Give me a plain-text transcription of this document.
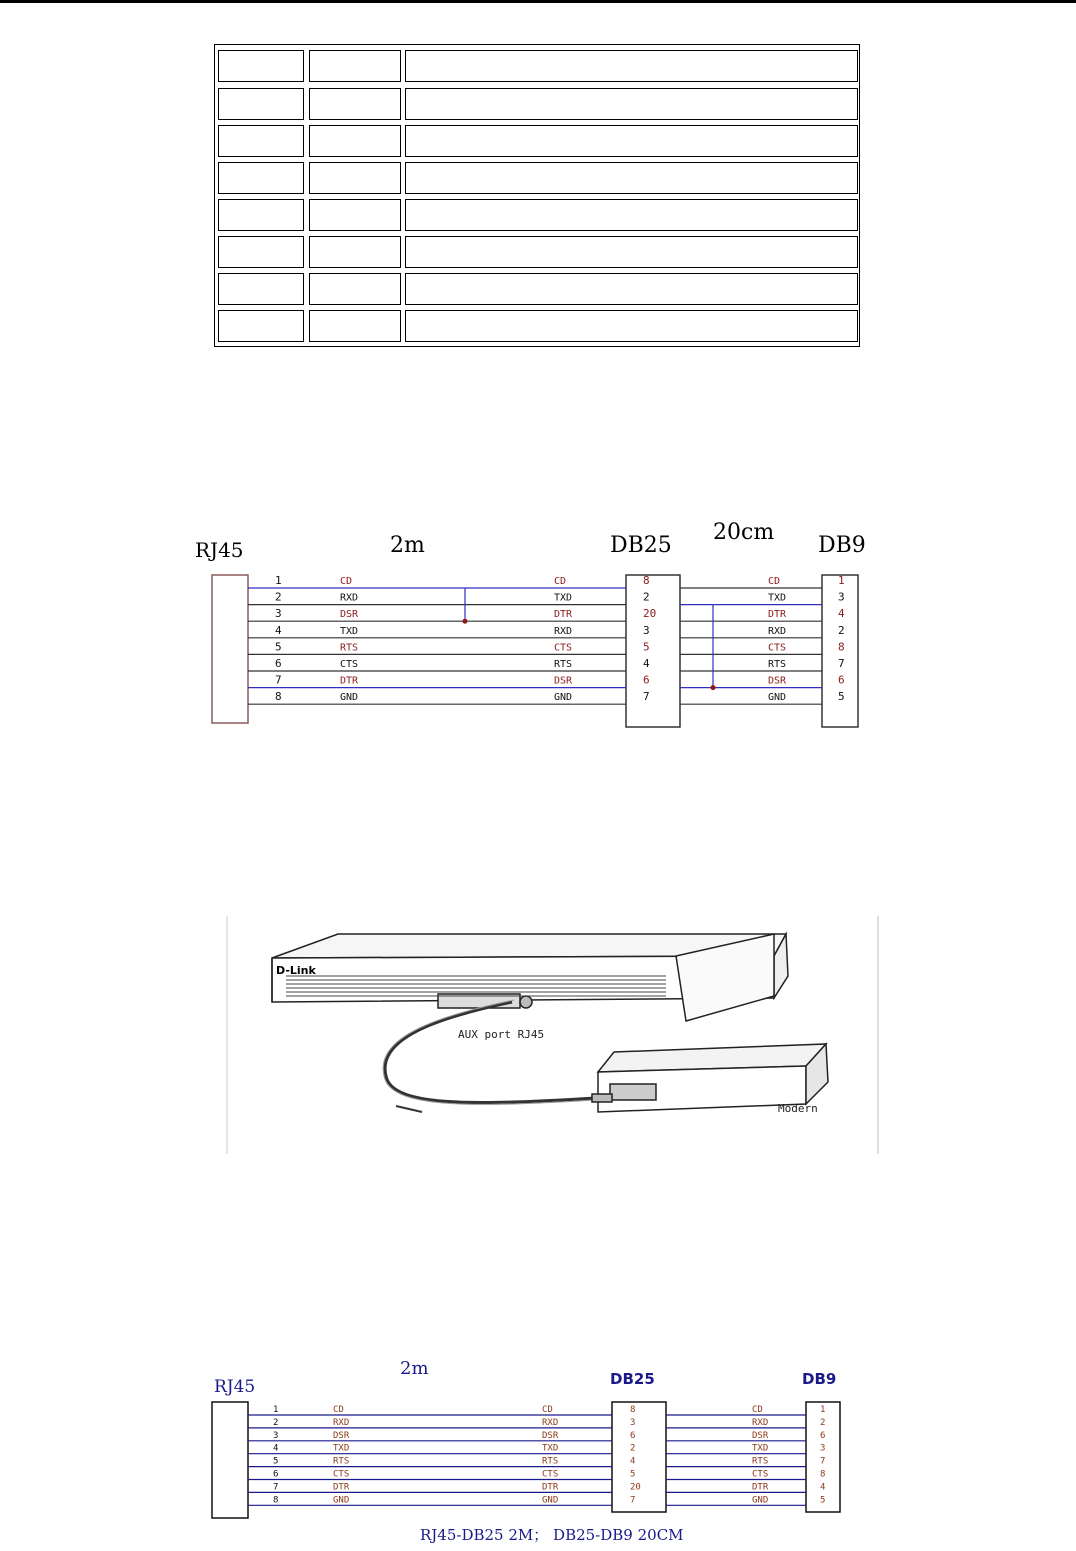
RJ45	2m	DB25
20cm
DB9
1	CD	CD	8	CD	1
2	RXD	TXD	2	TXD	3
3	DSR	DTR	20	DTR	4
4	TXD	RXD	3	RXD	2
5	RTS	CTS	5	CTS	8
6	CTS	RTS	4	RTS	7
7	DTR	DSR	6	DSR	6
8	GND	GND	7	GND	5
D-Link
AUX port RJ45
Modern
RJ45
2m	DB25	DB9
1	CD	CD	8	CD	1
2	RXD	RXD	3	RXD	2
3	DSR	DSR	6	DSR	6
4	TXD	TXD	2	TXD	3
5	RTS	RTS	4	RTS	7
6	CTS	CTS	5	CTS	8
7	DTR	DTR	20	DTR	4
8	GND	GND	7	GND	5
RJ45-DB25 2M； DB25-DB9 20CM
